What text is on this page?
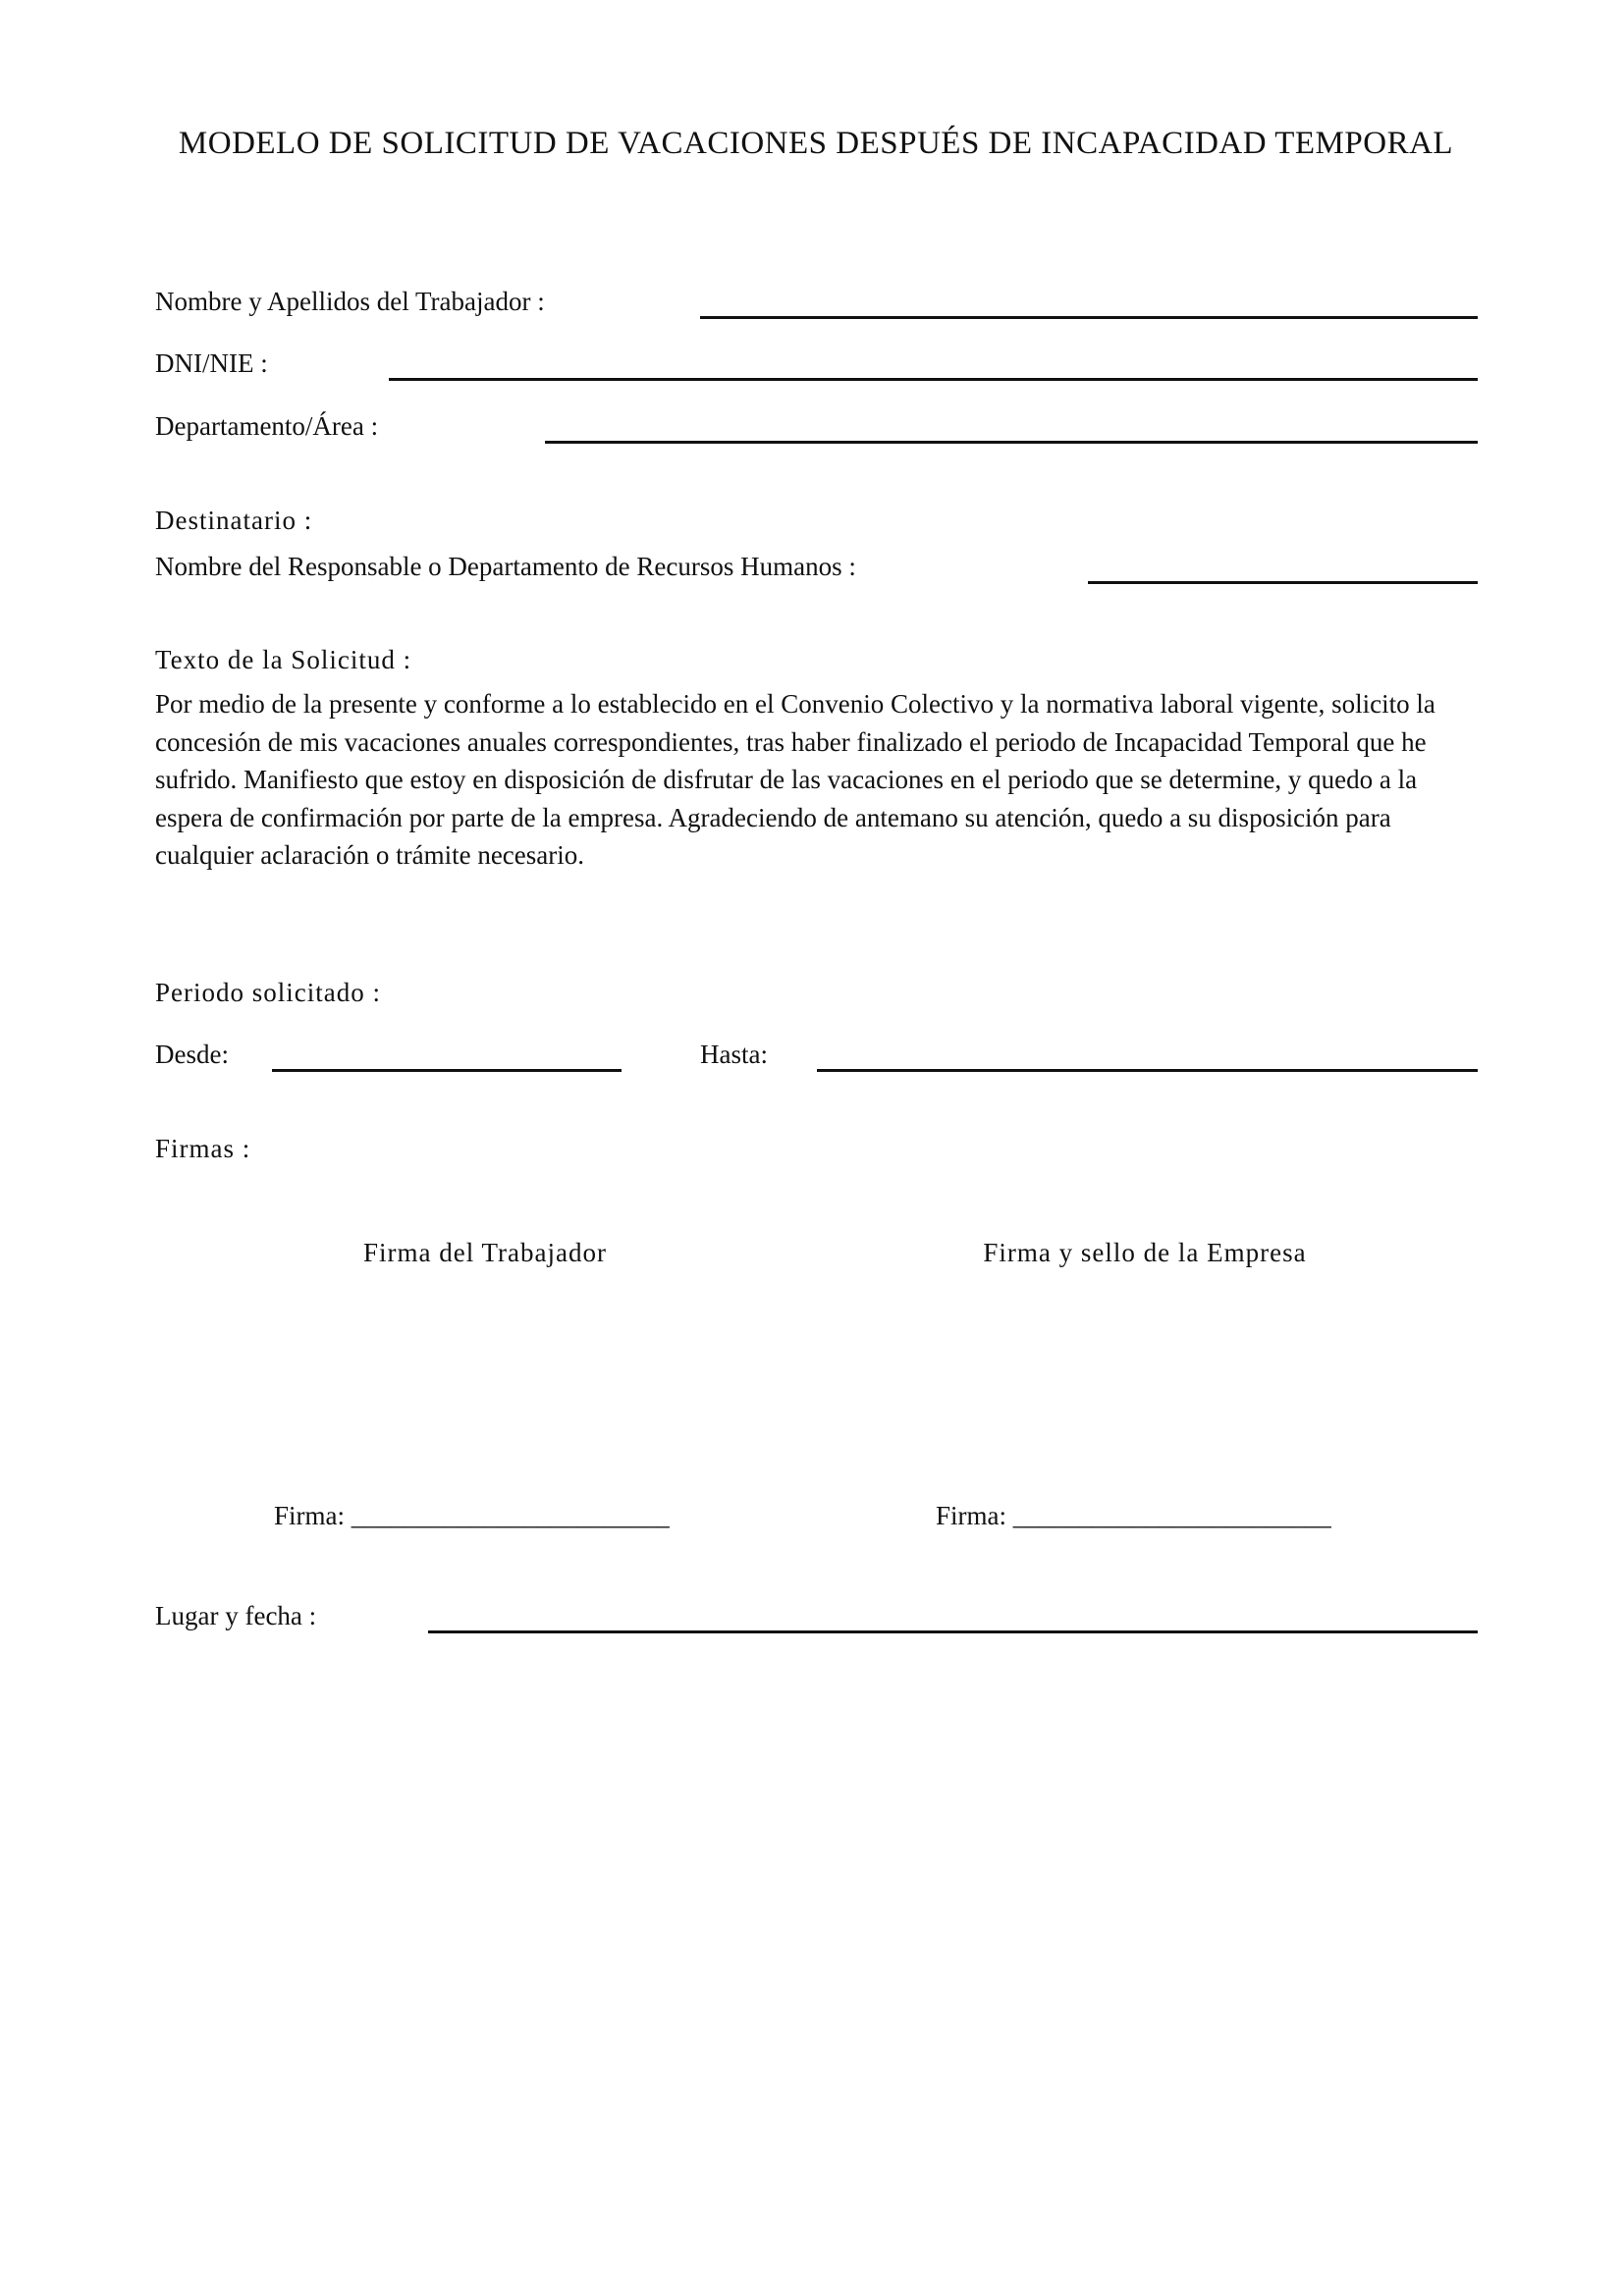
MODELO DE SOLICITUD DE VACACIONES DESPUÉS DE INCAPACIDAD TEMPORAL
Nombre y Apellidos del Trabajador :
DNI/NIE :
Departamento/Área :
Destinatario :
Nombre del Responsable o Departamento de Recursos Humanos :
Texto de la Solicitud :

Por medio de la presente y conforme a lo establecido en el Convenio Colectivo y la normativa laboral vigente, solicito la concesión de mis vacaciones anuales correspondientes, tras haber finalizado el periodo de Incapacidad Temporal que he sufrido. Manifiesto que estoy en disposición de disfrutar de las vacaciones en el periodo que se determine, y quedo a la espera de confirmación por parte de la empresa. Agradeciendo de antemano su atención, quedo a su disposición para cualquier aclaración o trámite necesario.

Periodo solicitado :
Desde:	Hasta:
Firmas :
Firma del Trabajador	Firma y sello de la Empresa
Firma: ________________________	Firma: ________________________
Lugar y fecha :
